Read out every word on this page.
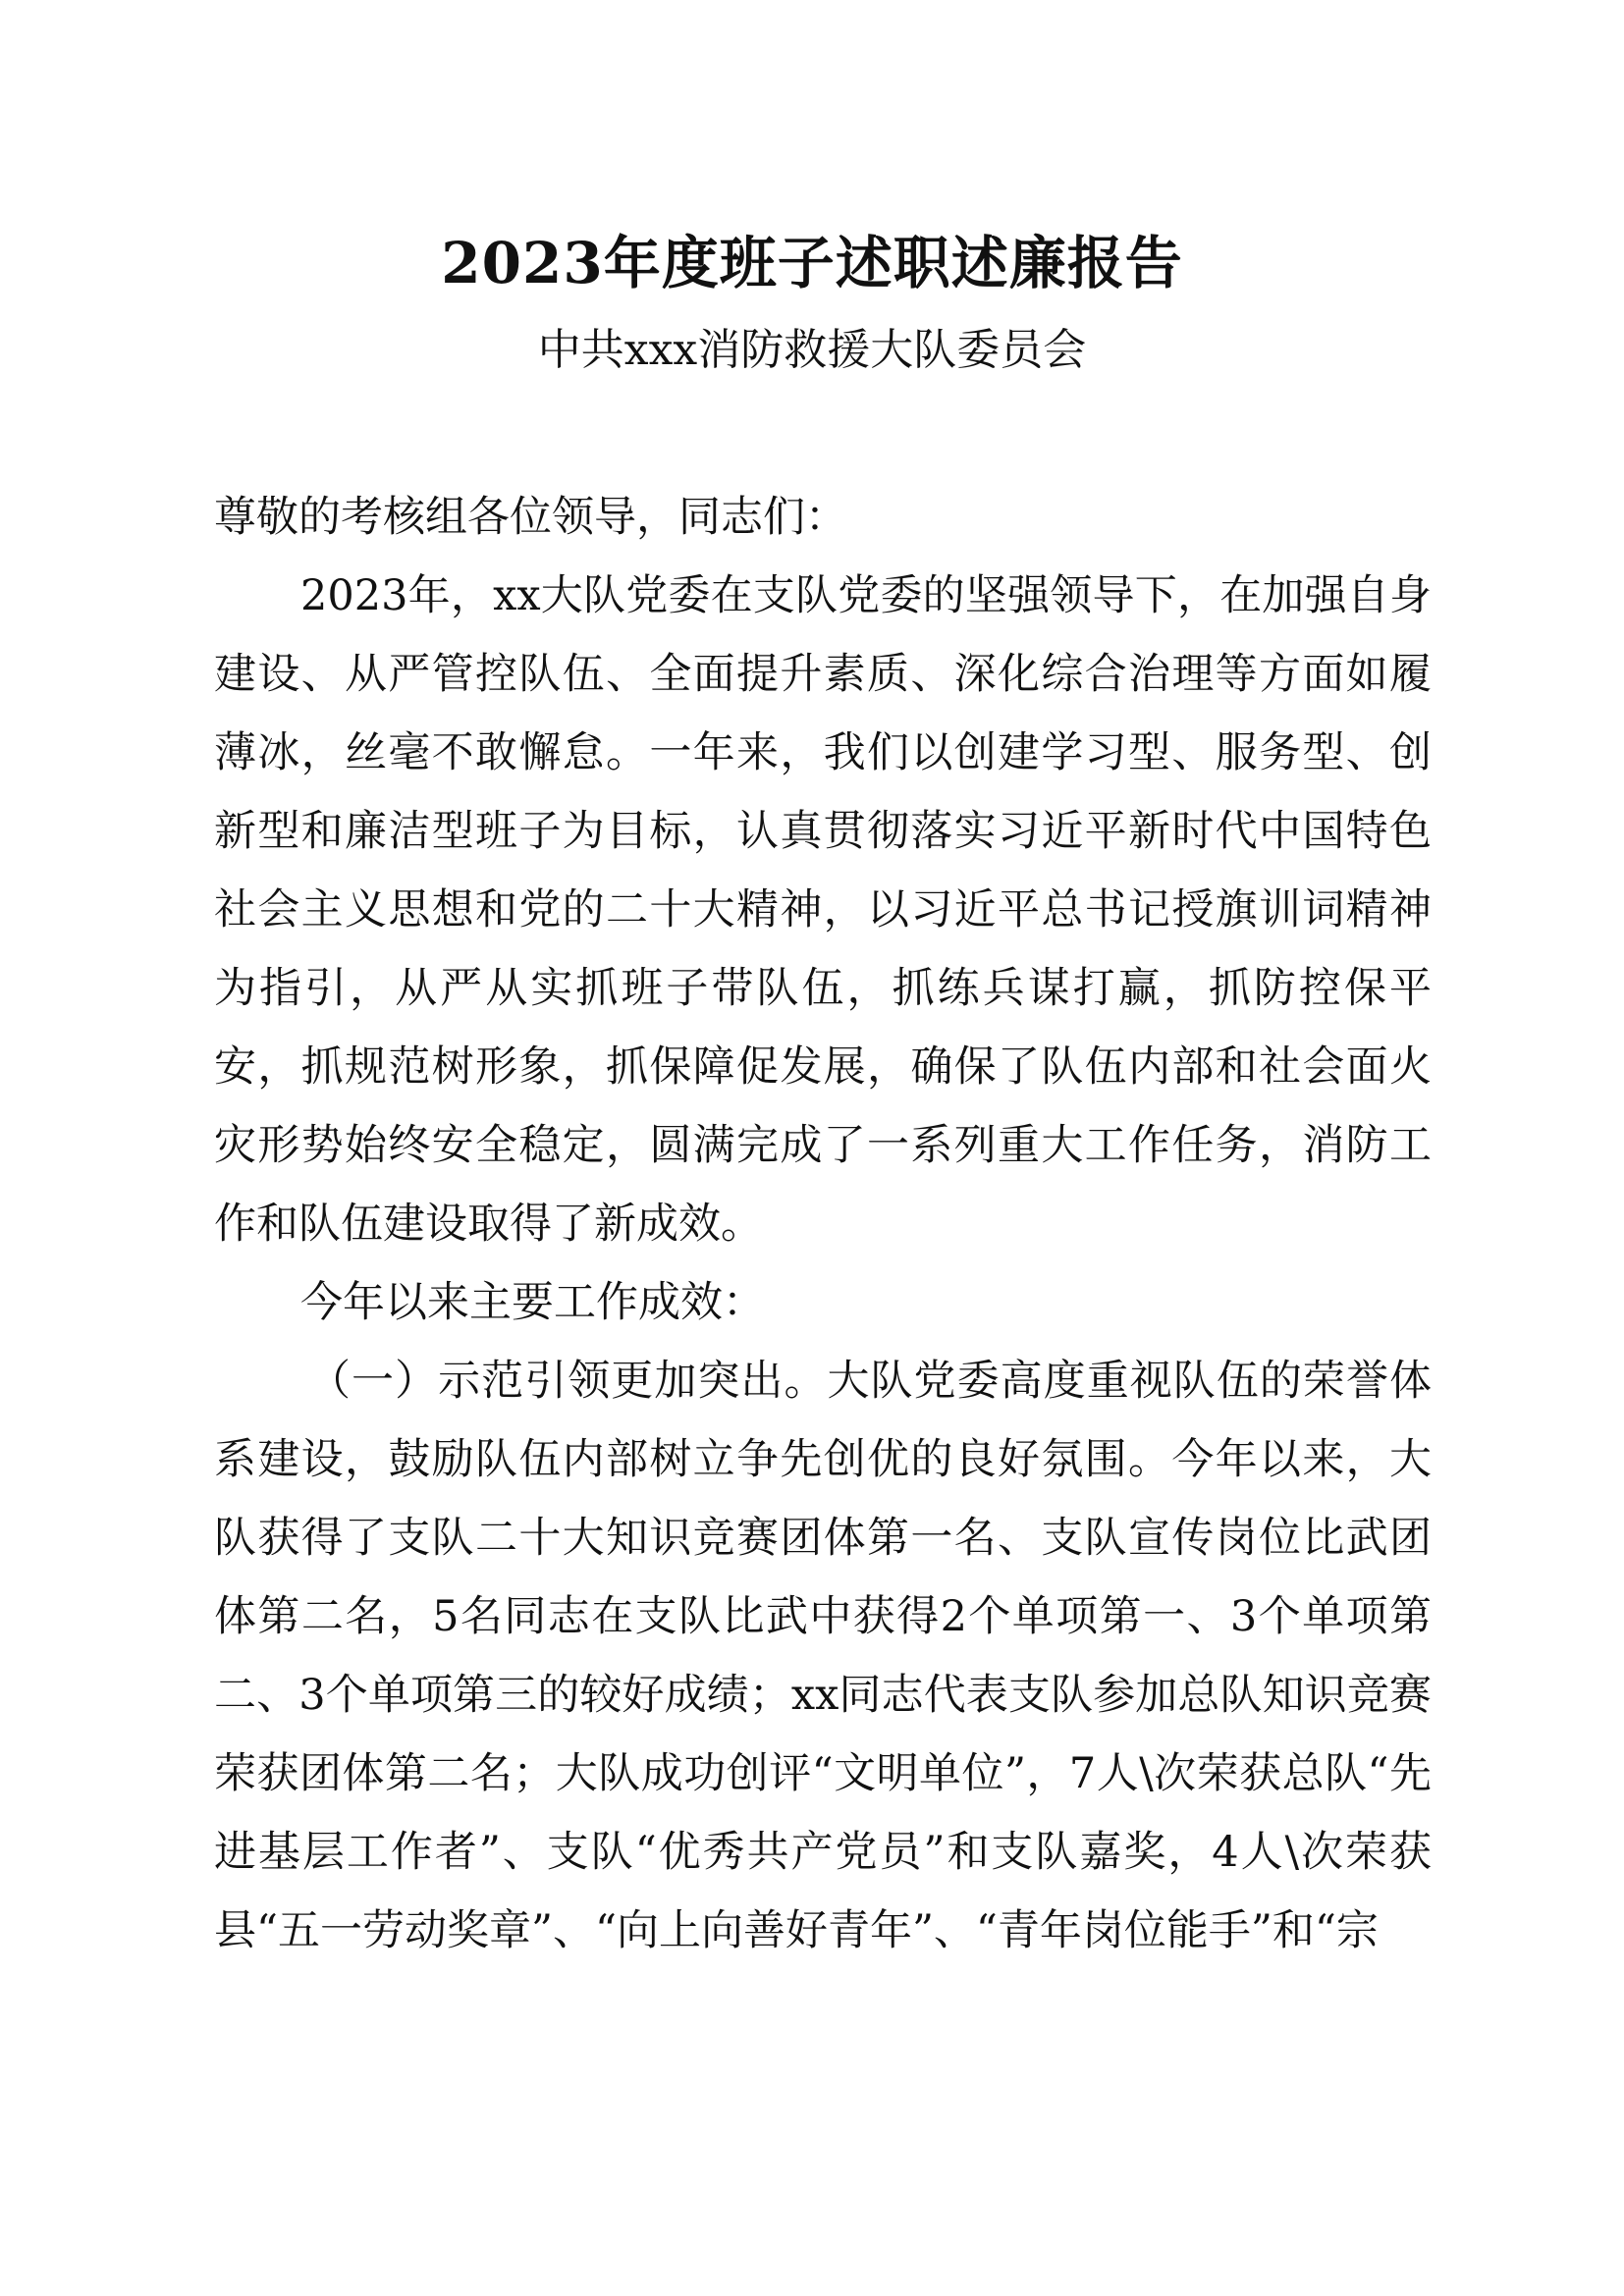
2023年度班子述职述廉报告
中共xxx消防救援大队委员会

尊敬的考核组各位领导，同志们：

2023年，xx大队党委在支队党委的坚强领导下，在加强自身建设、从严管控队伍、全面提升素质、深化综合治理等方面如履薄冰，丝毫不敢懈怠。一年来，我们以创建学习型、服务型、创新型和廉洁型班子为目标，认真贯彻落实习近平新时代中国特色社会主义思想和党的二十大精神，以习近平总书记授旗训词精神为指引，从严从实抓班子带队伍，抓练兵谋打赢，抓防控保平安，抓规范树形象，抓保障促发展，确保了队伍内部和社会面火灾形势始终安全稳定，圆满完成了一系列重大工作任务，消防工作和队伍建设取得了新成效。

今年以来主要工作成效：

（一）示范引领更加突出。大队党委高度重视队伍的荣誉体系建设，鼓励队伍内部树立争先创优的良好氛围。今年以来，大队获得了支队二十大知识竞赛团体第一名、支队宣传岗位比武团体第二名，5名同志在支队比武中获得2个单项第一、3个单项第二、3个单项第三的较好成绩；xx同志代表支队参加总队知识竞赛荣获团体第二名；大队成功创评“文明单位”，7人\次荣获总队“先进基层工作者”、支队“优秀共产党员”和支队嘉奖，4人\次荣获县“五一劳动奖章”、“向上向善好青年”、“青年岗位能手”和“宗
